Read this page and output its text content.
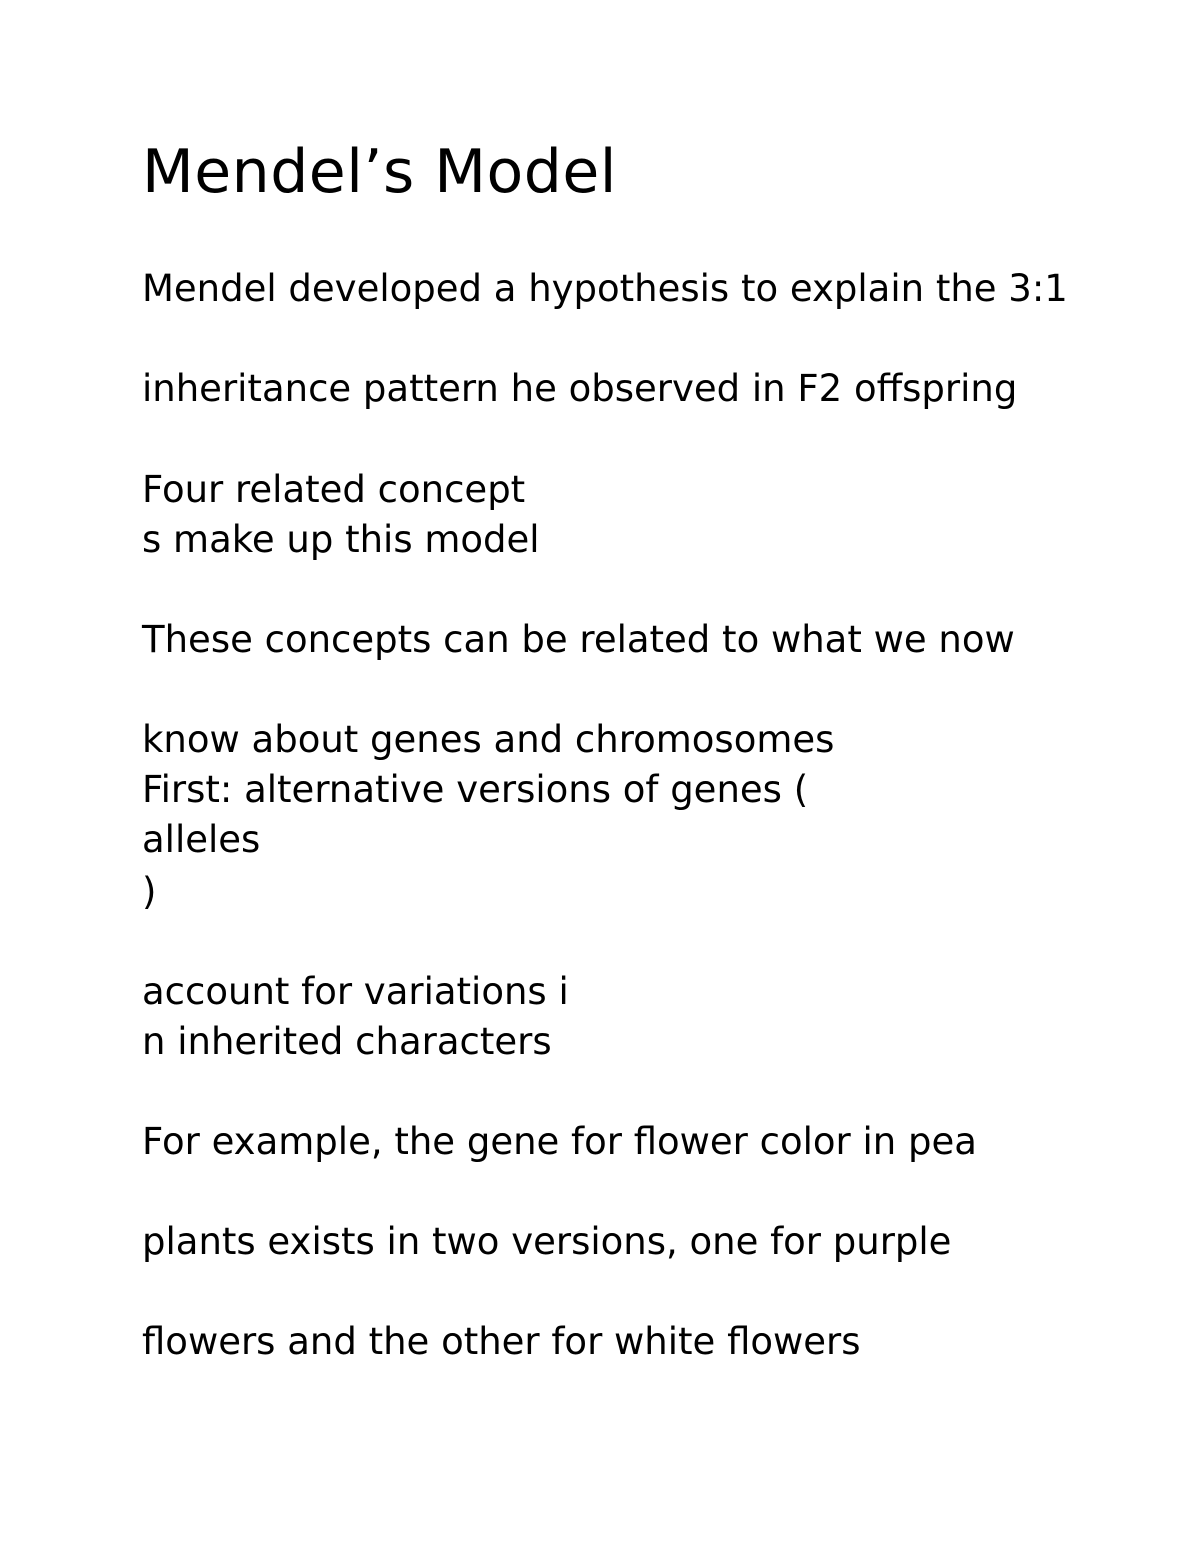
Mendel’s Model
Mendel developed a hypothesis to explain the 3:1
inheritance pattern he observed in F2 offspring
Four related concept
s make up this model
These concepts can be related to what we now
know about genes and chromosomes
First: alternative versions of genes (
alleles
)
account for variations i
n inherited characters
For example, the gene for flower color in pea
plants exists in two versions, one for purple
flowers and the other for white flowers
